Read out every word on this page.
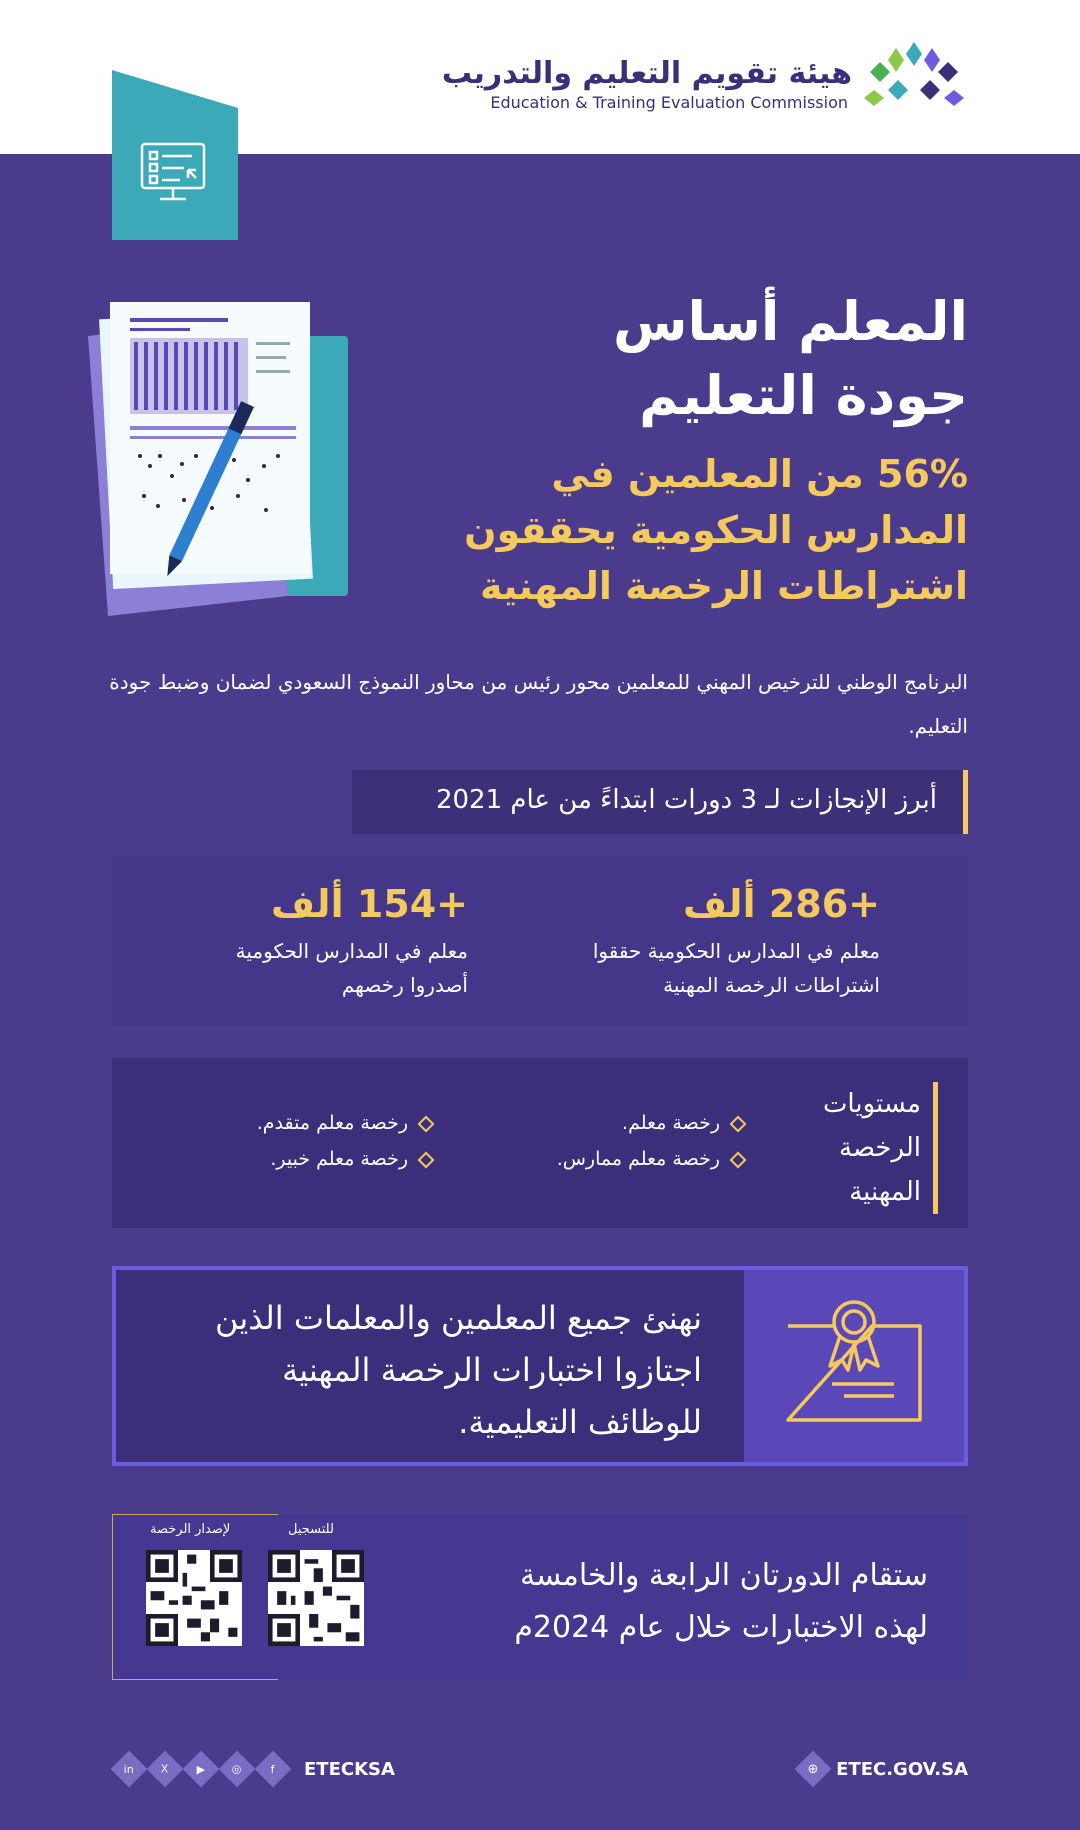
هيئة تقويم التعليم والتدريب
Education & Training Evaluation Commission
المعلم أساس
جودة التعليم
56% من المعلمين في
المدارس الحكومية يحققون
اشتراطات الرخصة المهنية
البرنامج الوطني للترخيص المهني للمعلمين محور رئيس من محاور النموذج السعودي لضمان وضبط جودة التعليم.
أبرز الإنجازات لـ 3 دورات ابتداءً من عام 2021
+286 ألف
معلم في المدارس الحكومية حققوا
اشتراطات الرخصة المهنية
+154 ألف
معلم في المدارس الحكومية
أصدروا رخصهم
مستويات
الرخصة
المهنية
رخصة معلم.
رخصة معلم ممارس.
رخصة معلم متقدم.
رخصة معلم خبير.
نهنئ جميع المعلمين والمعلمات الذين
اجتازوا اختبارات الرخصة المهنية
للوظائف التعليمية.
لإصدار الرخصة	للتسجيل
ستقام الدورتان الرابعة والخامسة
لهذه الاختبارات خلال عام 2024م
in X	▶ ◎	f ETECKSA	⊕ ETEC.GOV.SA
